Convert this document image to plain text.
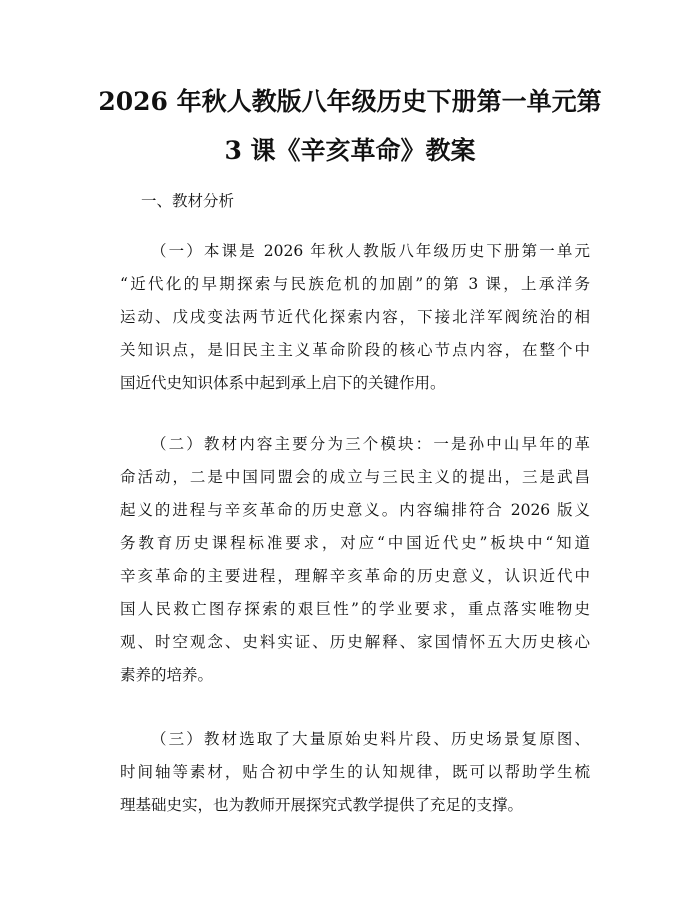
2026 年秋人教版八年级历史下册第一单元第
3 课《辛亥革命》教案

一、教材分析

（一）本课是 2026 年秋人教版八年级历史下册第一单元
“近代化的早期探索与民族危机的加剧”的第 3 课，上承洋务
运动、戊戌变法两节近代化探索内容，下接北洋军阀统治的相
关知识点，是旧民主主义革命阶段的核心节点内容，在整个中
国近代史知识体系中起到承上启下的关键作用。

（二）教材内容主要分为三个模块：一是孙中山早年的革
命活动，二是中国同盟会的成立与三民主义的提出，三是武昌
起义的进程与辛亥革命的历史意义。内容编排符合 2026 版义
务教育历史课程标准要求，对应“中国近代史”板块中“知道
辛亥革命的主要进程，理解辛亥革命的历史意义，认识近代中
国人民救亡图存探索的艰巨性”的学业要求，重点落实唯物史
观、时空观念、史料实证、历史解释、家国情怀五大历史核心
素养的培养。

（三）教材选取了大量原始史料片段、历史场景复原图、
时间轴等素材，贴合初中学生的认知规律，既可以帮助学生梳
理基础史实，也为教师开展探究式教学提供了充足的支撑。
